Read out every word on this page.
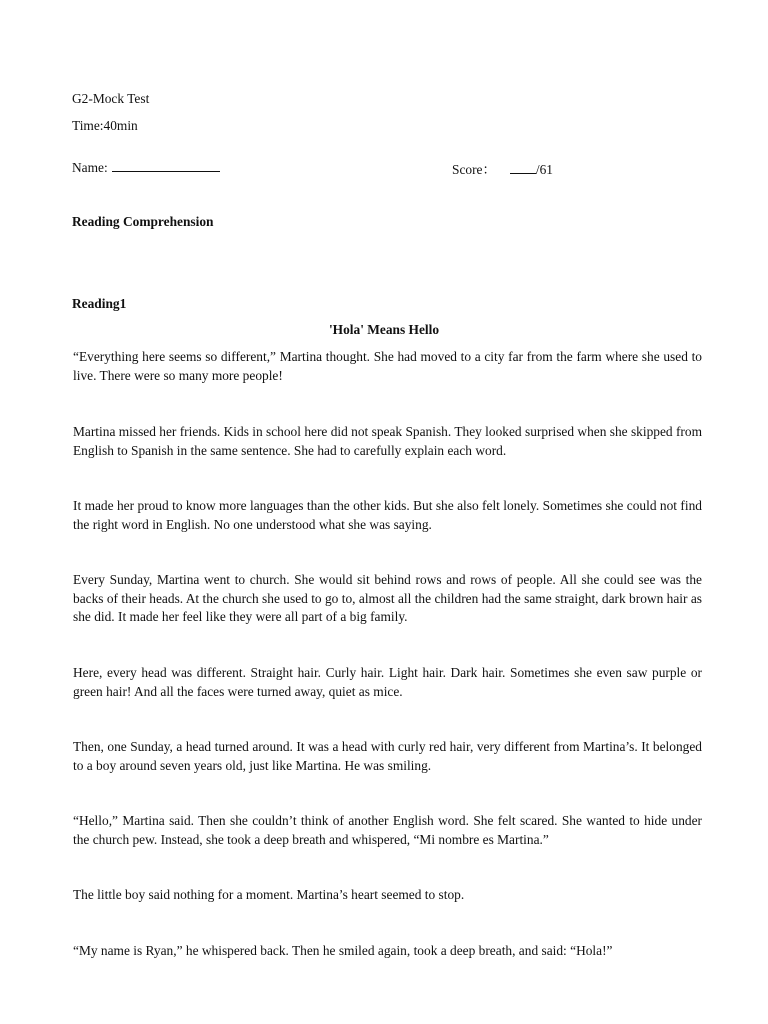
G2-Mock Test
Time:40min
Name:	Score：	/61
Reading Comprehension
Reading1
'Hola' Means Hello

“Everything here seems so different,” Martina thought. She had moved to a city far from the farm where she used to live. There were so many more people!

Martina missed her friends. Kids in school here did not speak Spanish. They looked surprised when she skipped from English to Spanish in the same sentence. She had to carefully explain each word.

It made her proud to know more languages than the other kids. But she also felt lonely. Sometimes she could not find the right word in English. No one understood what she was saying.

Every Sunday, Martina went to church. She would sit behind rows and rows of people. All she could see was the backs of their heads. At the church she used to go to, almost all the children had the same straight, dark brown hair as she did. It made her feel like they were all part of a big family.

Here, every head was different. Straight hair. Curly hair. Light hair. Dark hair. Sometimes she even saw purple or green hair! And all the faces were turned away, quiet as mice.

Then, one Sunday, a head turned around. It was a head with curly red hair, very different from Martina’s. It belonged to a boy around seven years old, just like Martina. He was smiling.

“Hello,” Martina said. Then she couldn’t think of another English word. She felt scared. She wanted to hide under the church pew. Instead, she took a deep breath and whispered, “Mi nombre es Martina.”

The little boy said nothing for a moment. Martina’s heart seemed to stop.

“My name is Ryan,” he whispered back. Then he smiled again, took a deep breath, and said: “Hola!”
